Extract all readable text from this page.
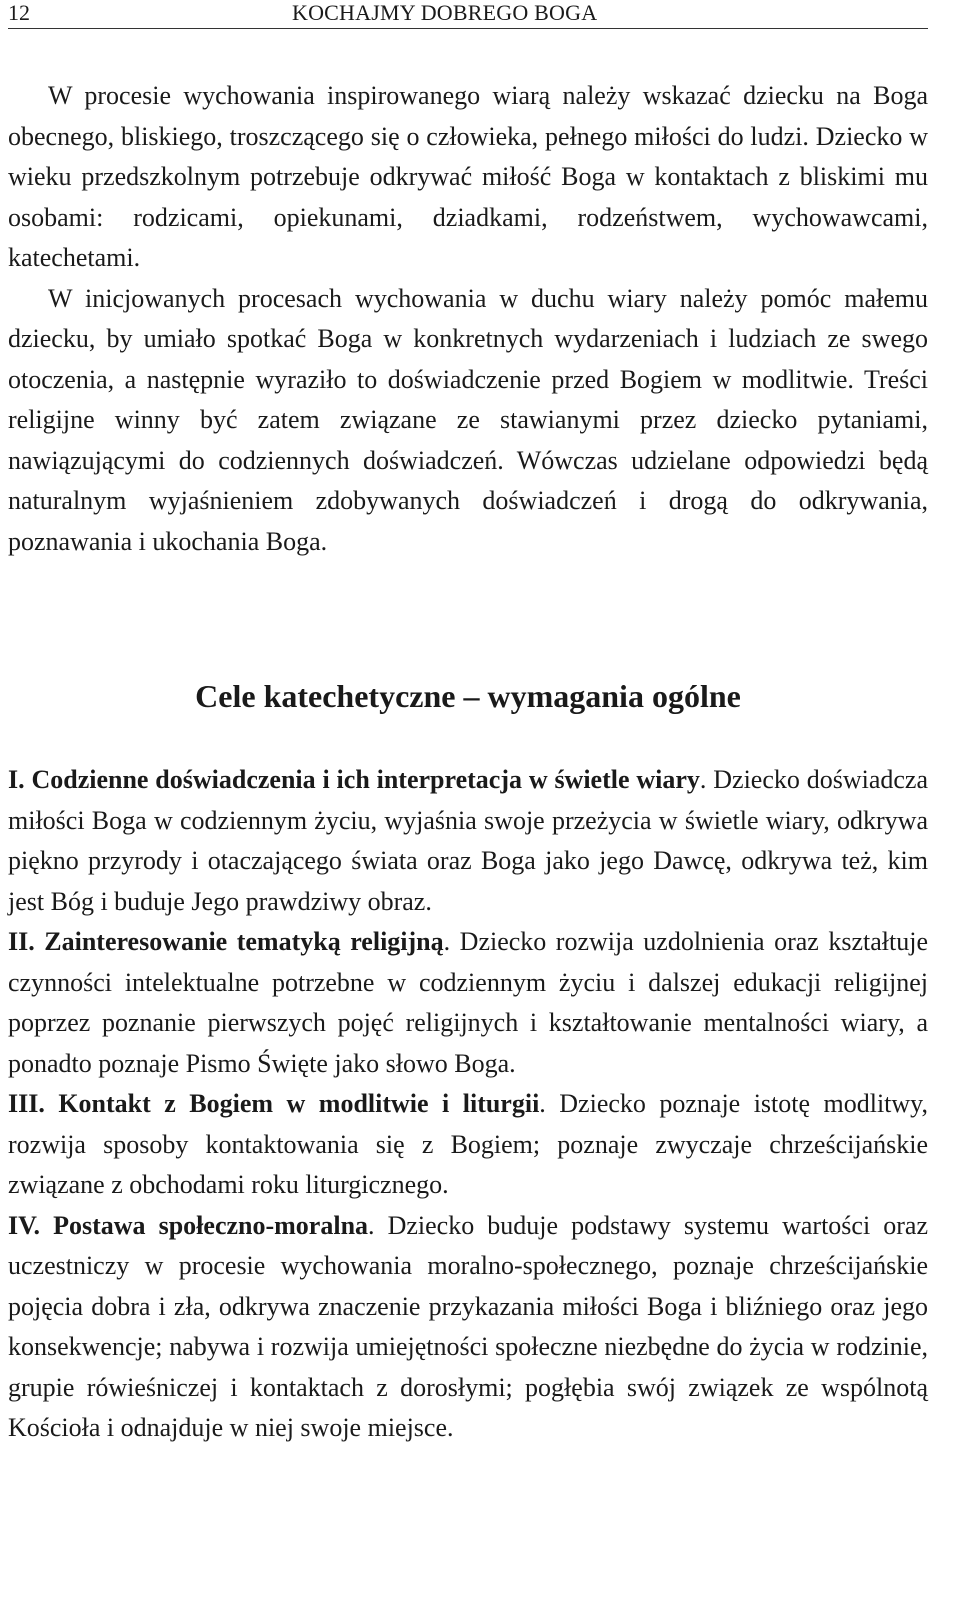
12	KOCHAJMY DOBREGO BOGA

W procesie wychowania inspirowanego wiarą należy wskazać dziecku na Boga obecnego, bliskiego, troszczącego się o człowieka, pełnego miłości do ludzi. Dziecko w wieku przedszkolnym potrzebuje odkrywać miłość Boga w kontaktach z bliskimi mu osobami: rodzicami, opiekunami, dziadkami, rodzeństwem, wychowawcami, katechetami.

W inicjowanych procesach wychowania w duchu wiary należy pomóc małemu dziecku, by umiało spotkać Boga w konkretnych wydarzeniach i ludziach ze swego otoczenia, a następnie wyraziło to doświadczenie przed Bogiem w modlitwie. Treści religijne winny być zatem związane ze stawianymi przez dziecko pytaniami, nawiązującymi do codziennych doświadczeń. Wówczas udzielane odpowiedzi będą naturalnym wyjaśnieniem zdobywanych doświadczeń i drogą do odkrywania, poznawania i ukochania Boga.

Cele katechetyczne – wymagania ogólne

I. Codzienne doświadczenia i ich interpretacja w świetle wiary. Dziecko doświadcza miłości Boga w codziennym życiu, wyjaśnia swoje przeżycia w świetle wiary, odkrywa piękno przyrody i otaczającego świata oraz Boga jako jego Dawcę, odkrywa też, kim jest Bóg i buduje Jego prawdziwy obraz.

II. Zainteresowanie tematyką religijną. Dziecko rozwija uzdolnienia oraz kształtuje czynności intelektualne potrzebne w codziennym życiu i dalszej edukacji religijnej poprzez poznanie pierwszych pojęć religijnych i kształtowanie mentalności wiary, a ponadto poznaje Pismo Święte jako słowo Boga.

III. Kontakt z Bogiem w modlitwie i liturgii. Dziecko poznaje istotę modlitwy, rozwija sposoby kontaktowania się z Bogiem; poznaje zwyczaje chrześcijańskie związane z obchodami roku liturgicznego.

IV. Postawa społeczno-moralna. Dziecko buduje podstawy systemu wartości oraz uczestniczy w procesie wychowania moralno-społecznego, poznaje chrześcijańskie pojęcia dobra i zła, odkrywa znaczenie przykazania miłości Boga i bliźniego oraz jego konsekwencje; nabywa i rozwija umiejętności społeczne niezbędne do życia w rodzinie, grupie rówieśniczej i kontaktach z dorosłymi; pogłębia swój związek ze wspólnotą Kościoła i odnajduje w niej swoje miejsce.
